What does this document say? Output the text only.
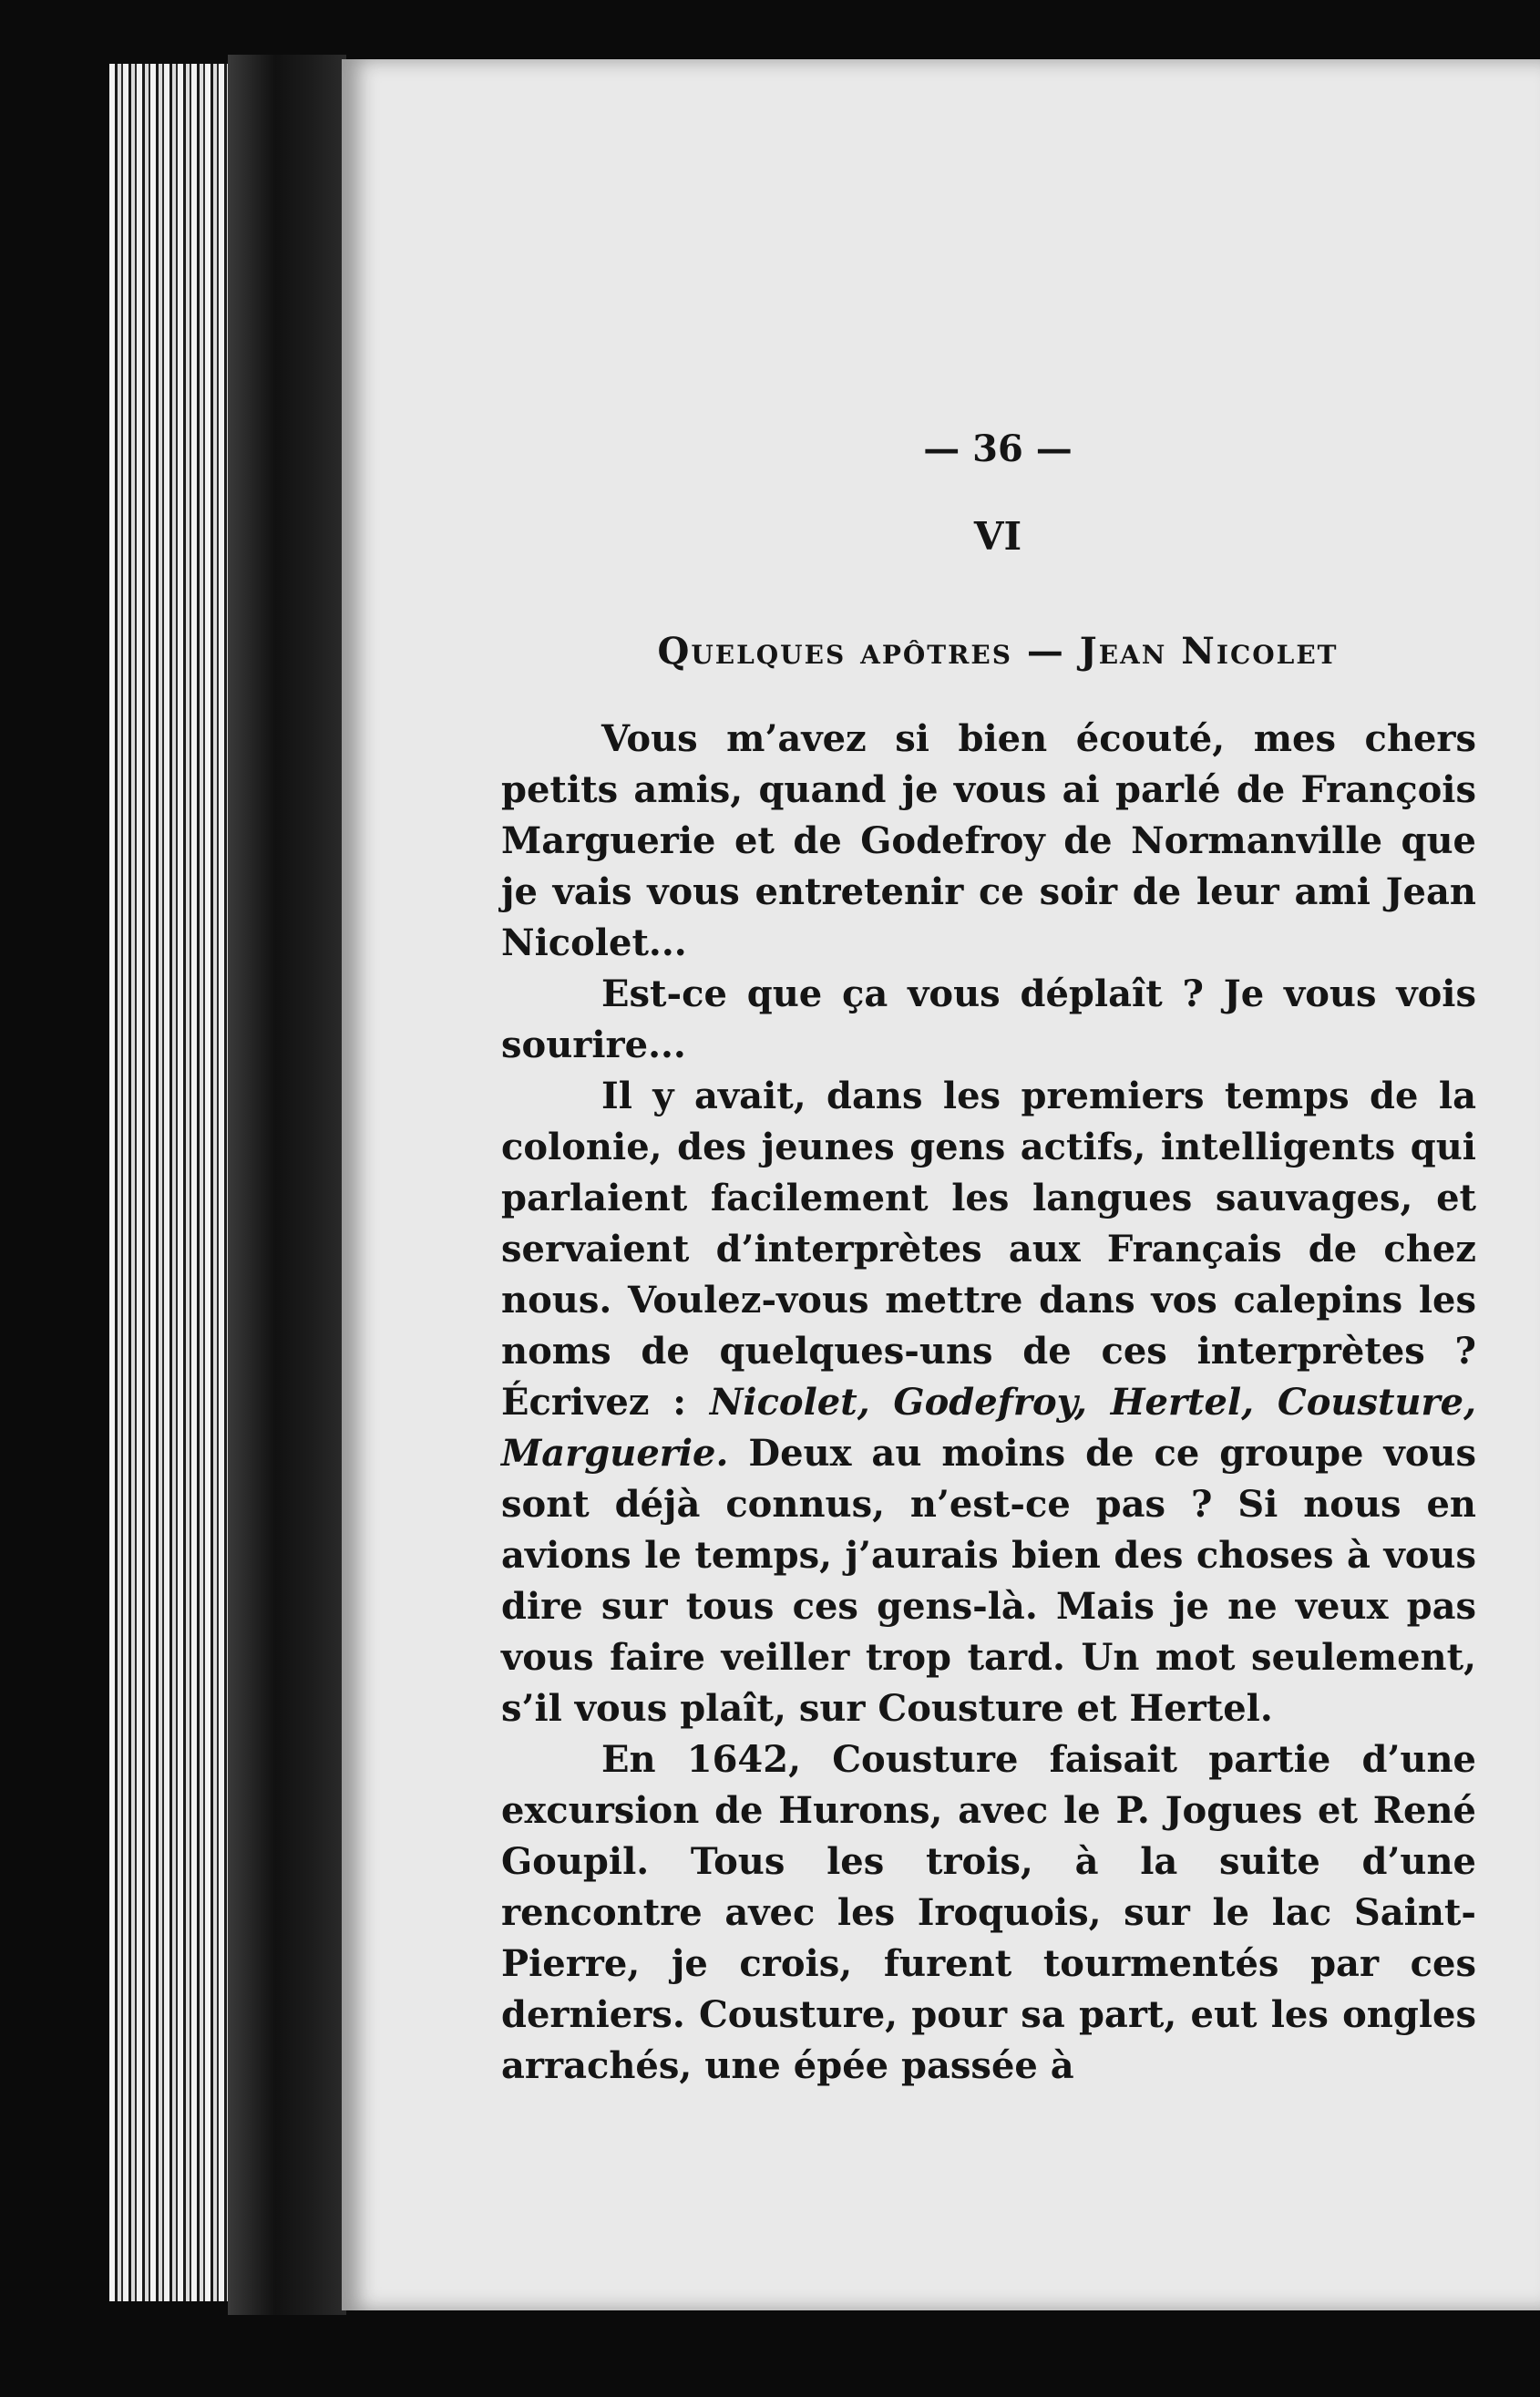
— 36 —
VI
Quelques apôtres — Jean Nicolet

Vous m’avez si bien écouté, mes chers petits amis, quand je vous ai parlé de François Marguerie et de Godefroy de Normanville que je vais vous entretenir ce soir de leur ami Jean Nicolet...

Est-ce que ça vous déplaît ? Je vous vois sourire...

Il y avait, dans les premiers temps de la colonie, des jeunes gens actifs, intelligents qui parlaient facilement les langues sauvages, et servaient d’interprètes aux Français de chez nous. Voulez-vous mettre dans vos calepins les noms de quelques-uns de ces interprètes ? Écrivez : Nicolet, Godefroy, Hertel, Cousture, Marguerie. Deux au moins de ce groupe vous sont déjà connus, n’est-ce pas ? Si nous en avions le temps, j’aurais bien des choses à vous dire sur tous ces gens-là. Mais je ne veux pas vous faire veiller trop tard. Un mot seulement, s’il vous plaît, sur Cousture et Hertel.

En 1642, Cousture faisait partie d’une excursion de Hurons, avec le P. Jogues et René Goupil. Tous les trois, à la suite d’une rencontre avec les Iroquois, sur le lac Saint-Pierre, je crois, furent tourmentés par ces derniers. Cousture, pour sa part, eut les ongles arrachés, une épée passée à
